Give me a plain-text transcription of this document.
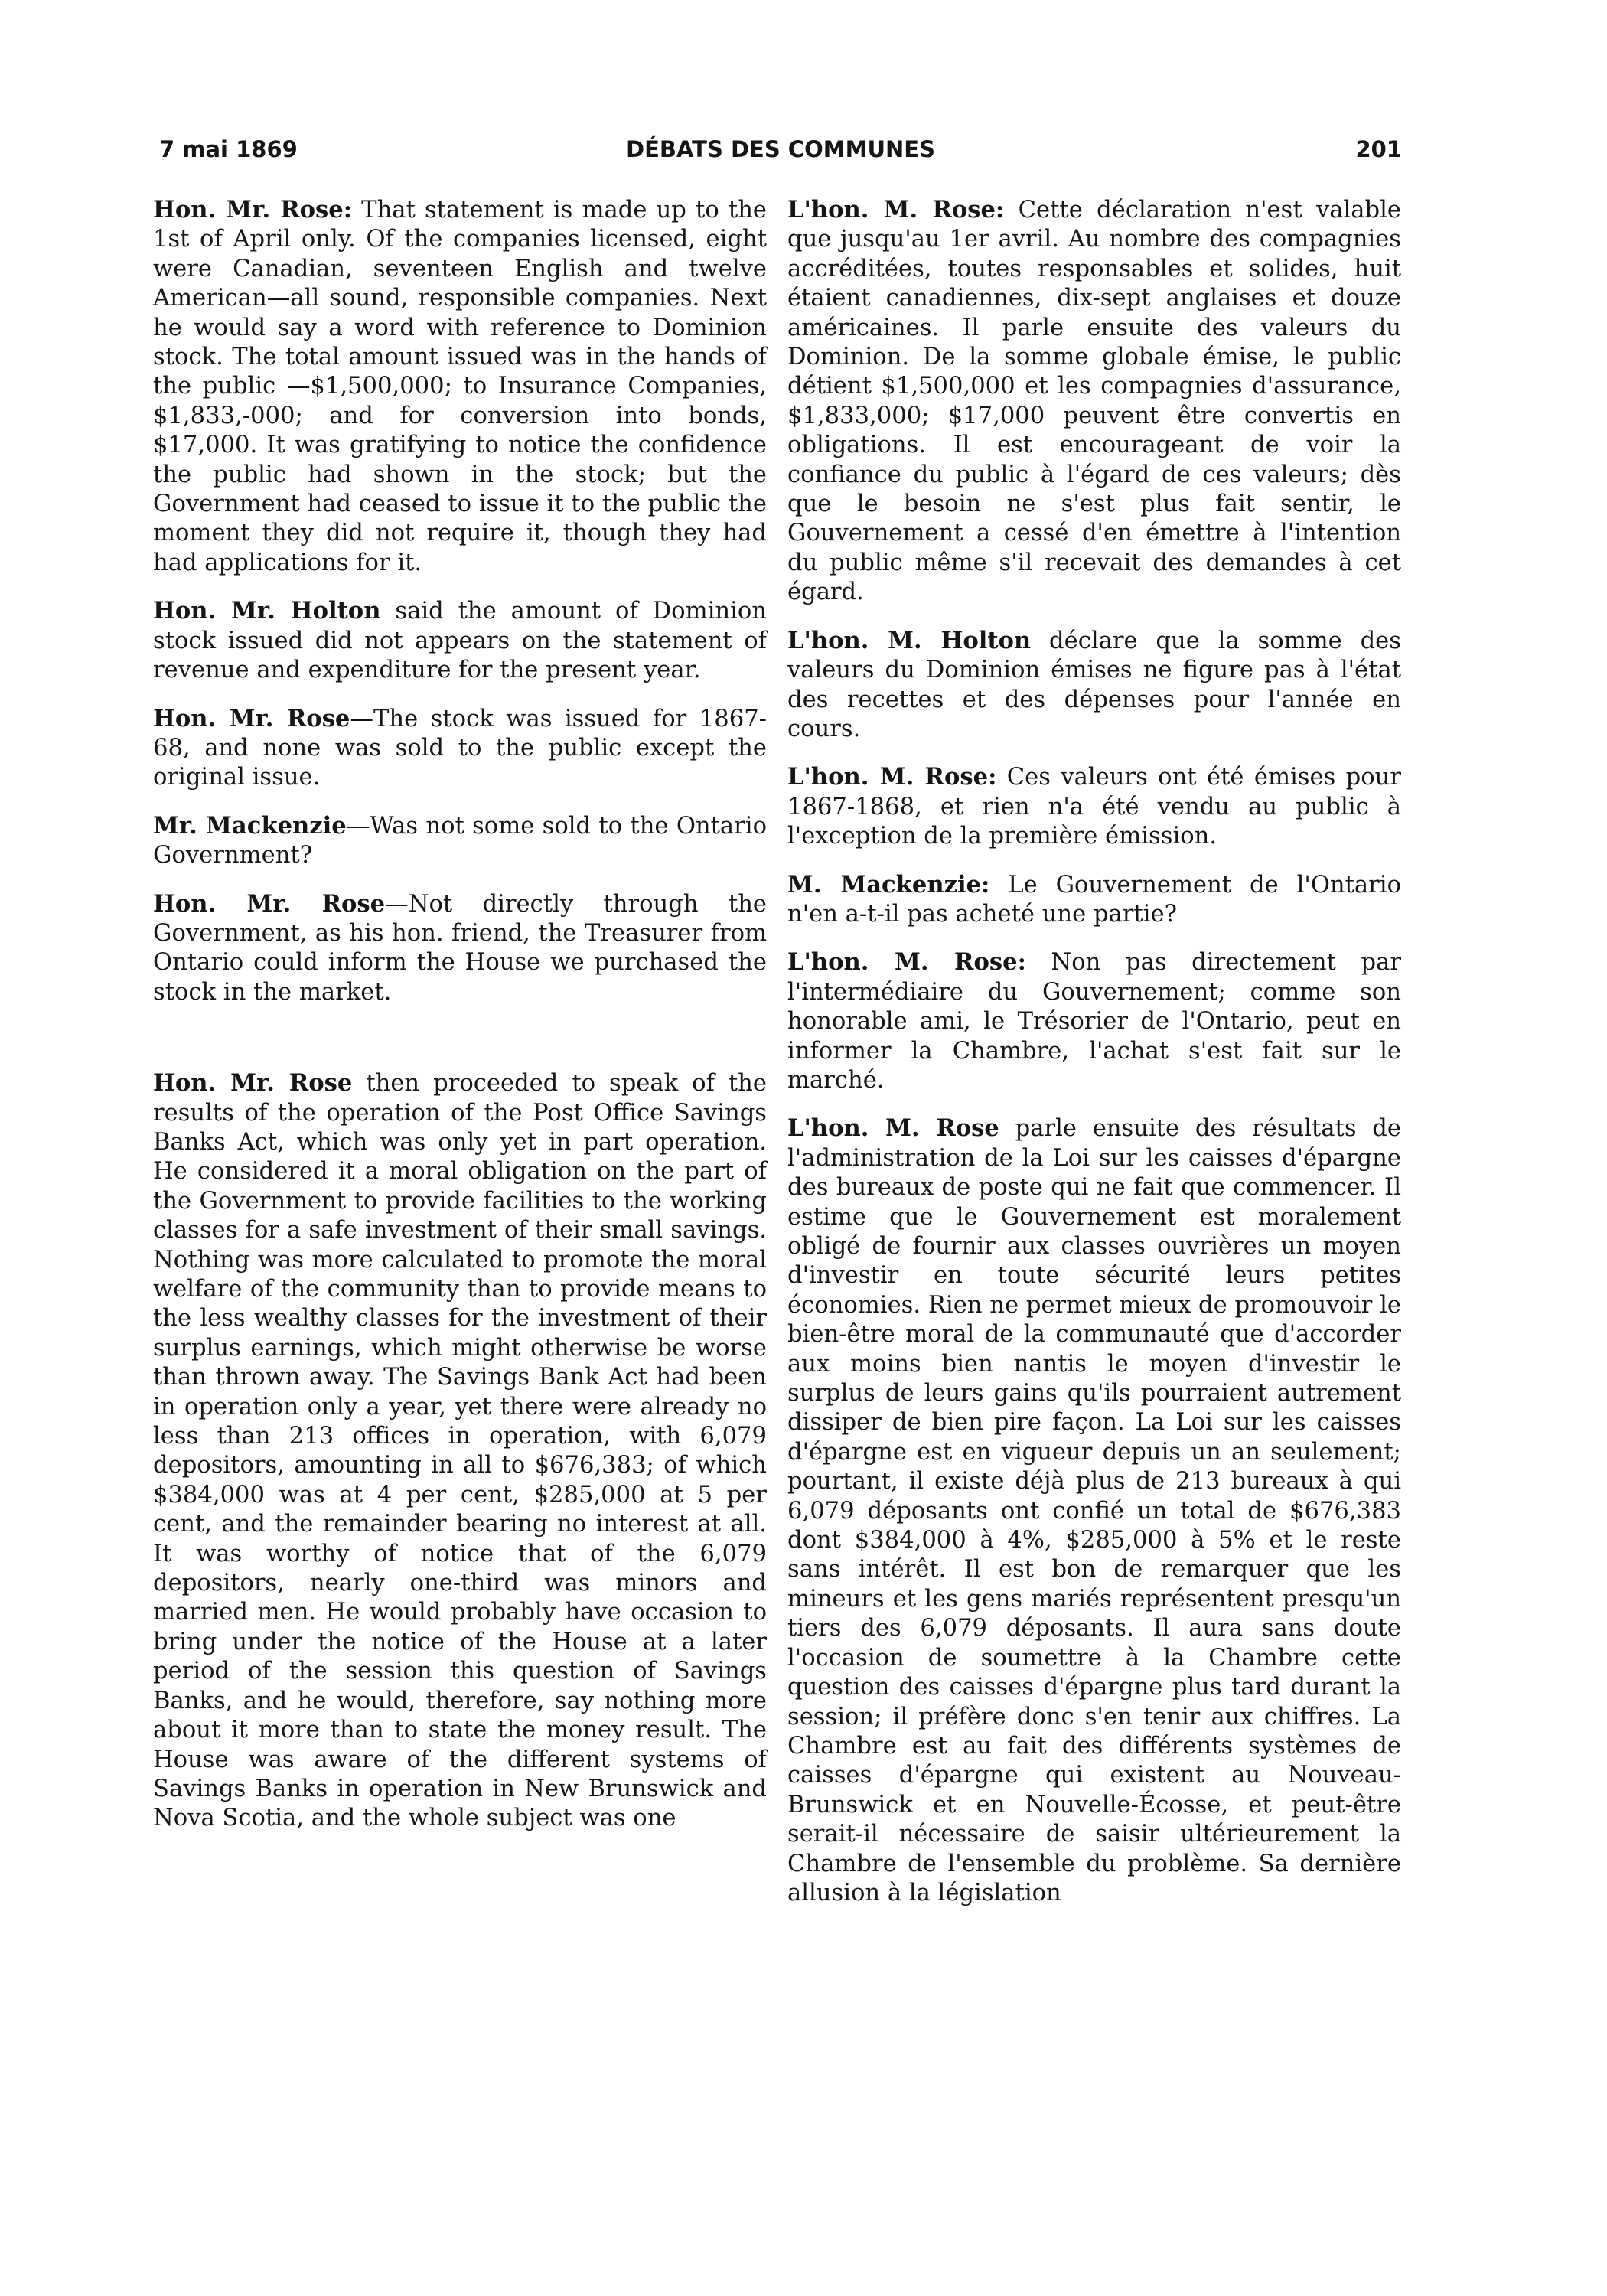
7 mai 1869	DÉBATS DES COMMUNES	201

Hon. Mr. Rose: That statement is made up to the 1st of April only. Of the companies licensed, eight were Canadian, seventeen English and twelve American—all sound, responsible companies. Next he would say a word with reference to Dominion stock. The total amount issued was in the hands of the public —$1,500,000; to Insurance Companies, $1,833,-000; and for conversion into bonds, $17,000. It was gratifying to notice the confidence the public had shown in the stock; but the Government had ceased to issue it to the public the moment they did not require it, though they had had applications for it.

Hon. Mr. Holton said the amount of Dominion stock issued did not appears on the statement of revenue and expenditure for the present year.

Hon. Mr. Rose—The stock was issued for 1867-68, and none was sold to the public except the original issue.

Mr. Mackenzie—Was not some sold to the Ontario Government?

Hon. Mr. Rose—Not directly through the Government, as his hon. friend, the Treasurer from Ontario could inform the House we purchased the stock in the market.

Hon. Mr. Rose then proceeded to speak of the results of the operation of the Post Office Savings Banks Act, which was only yet in part operation. He considered it a moral obligation on the part of the Government to provide facilities to the working classes for a safe investment of their small savings. Nothing was more calculated to promote the moral welfare of the community than to provide means to the less wealthy classes for the investment of their surplus earnings, which might otherwise be worse than thrown away. The Savings Bank Act had been in operation only a year, yet there were already no less than 213 offices in operation, with 6,079 depositors, amounting in all to $676,383; of which $384,000 was at 4 per cent, $285,000 at 5 per cent, and the remainder bearing no interest at all. It was worthy of notice that of the 6,079 depositors, nearly one-third was minors and married men. He would probably have occasion to bring under the notice of the House at a later period of the session this question of Savings Banks, and he would, therefore, say nothing more about it more than to state the money result. The House was aware of the different systems of Savings Banks in operation in New Brunswick and Nova Scotia, and the whole subject was one

L'hon. M. Rose: Cette déclaration n'est valable que jusqu'au 1er avril. Au nombre des compagnies accréditées, toutes responsables et solides, huit étaient canadiennes, dix-sept anglaises et douze américaines. Il parle ensuite des valeurs du Dominion. De la somme globale émise, le public détient $1,500,000 et les compagnies d'assurance, $1,833,000; $17,000 peuvent être convertis en obligations. Il est encourageant de voir la confiance du public à l'égard de ces valeurs; dès que le besoin ne s'est plus fait sentir, le Gouvernement a cessé d'en émettre à l'intention du public même s'il recevait des demandes à cet égard.

L'hon. M. Holton déclare que la somme des valeurs du Dominion émises ne figure pas à l'état des recettes et des dépenses pour l'année en cours.

L'hon. M. Rose: Ces valeurs ont été émises pour 1867-1868, et rien n'a été vendu au public à l'exception de la première émission.

M. Mackenzie: Le Gouvernement de l'Ontario n'en a-t-il pas acheté une partie?

L'hon. M. Rose: Non pas directement par l'intermédiaire du Gouvernement; comme son honorable ami, le Trésorier de l'Ontario, peut en informer la Chambre, l'achat s'est fait sur le marché.

L'hon. M. Rose parle ensuite des résultats de l'administration de la Loi sur les caisses d'épargne des bureaux de poste qui ne fait que commencer. Il estime que le Gouvernement est moralement obligé de fournir aux classes ouvrières un moyen d'investir en toute sécurité leurs petites économies. Rien ne permet mieux de promouvoir le bien-être moral de la communauté que d'accorder aux moins bien nantis le moyen d'investir le surplus de leurs gains qu'ils pourraient autrement dissiper de bien pire façon. La Loi sur les caisses d'épargne est en vigueur depuis un an seulement; pourtant, il existe déjà plus de 213 bureaux à qui 6,079 déposants ont confié un total de $676,383 dont $384,000 à 4%, $285,000 à 5% et le reste sans intérêt. Il est bon de remarquer que les mineurs et les gens mariés représentent presqu'un tiers des 6,079 déposants. Il aura sans doute l'occasion de soumettre à la Chambre cette question des caisses d'épargne plus tard durant la session; il préfère donc s'en tenir aux chiffres. La Chambre est au fait des différents systèmes de caisses d'épargne qui existent au Nouveau-Brunswick et en Nouvelle-Écosse, et peut-être serait-il nécessaire de saisir ultérieurement la Chambre de l'ensemble du problème. Sa dernière allusion à la législation
